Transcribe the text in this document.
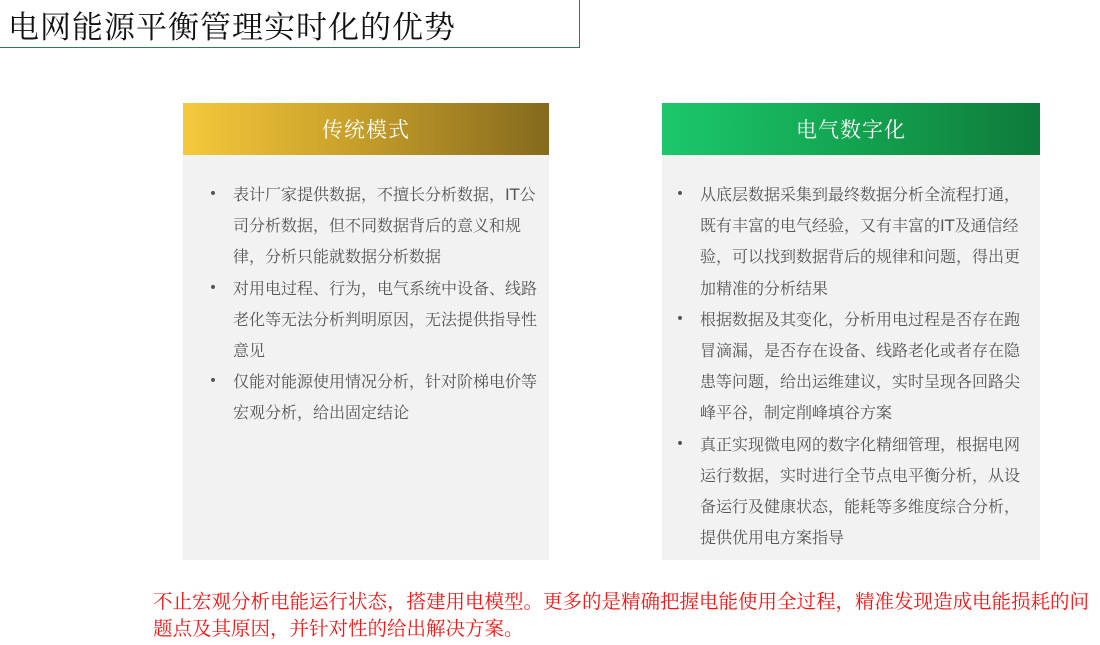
电网能源平衡管理实时化的优势
传统模式
• 表计厂家提供数据，不擅长分析数据，IT公司分析数据，但不同数据背后的意义和规律，分析只能就数据分析数据
• 对用电过程、行为，电气系统中设备、线路老化等无法分析判明原因，无法提供指导性意见
• 仅能对能源使用情况分析，针对阶梯电价等宏观分析，给出固定结论
电气数字化
• 从底层数据采集到最终数据分析全流程打通，既有丰富的电气经验，又有丰富的IT及通信经验，可以找到数据背后的规律和问题，得出更加精准的分析结果
• 根据数据及其变化，分析用电过程是否存在跑冒滴漏，是否存在设备、线路老化或者存在隐患等问题，给出运维建议，实时呈现各回路尖峰平谷，制定削峰填谷方案
• 真正实现微电网的数字化精细管理，根据电网运行数据，实时进行全节点电平衡分析，从设备运行及健康状态，能耗等多维度综合分析，提供优用电方案指导
不止宏观分析电能运行状态，搭建用电模型。更多的是精确把握电能使用全过程，精准发现造成电能损耗的问题点及其原因，并针对性的给出解决方案。
